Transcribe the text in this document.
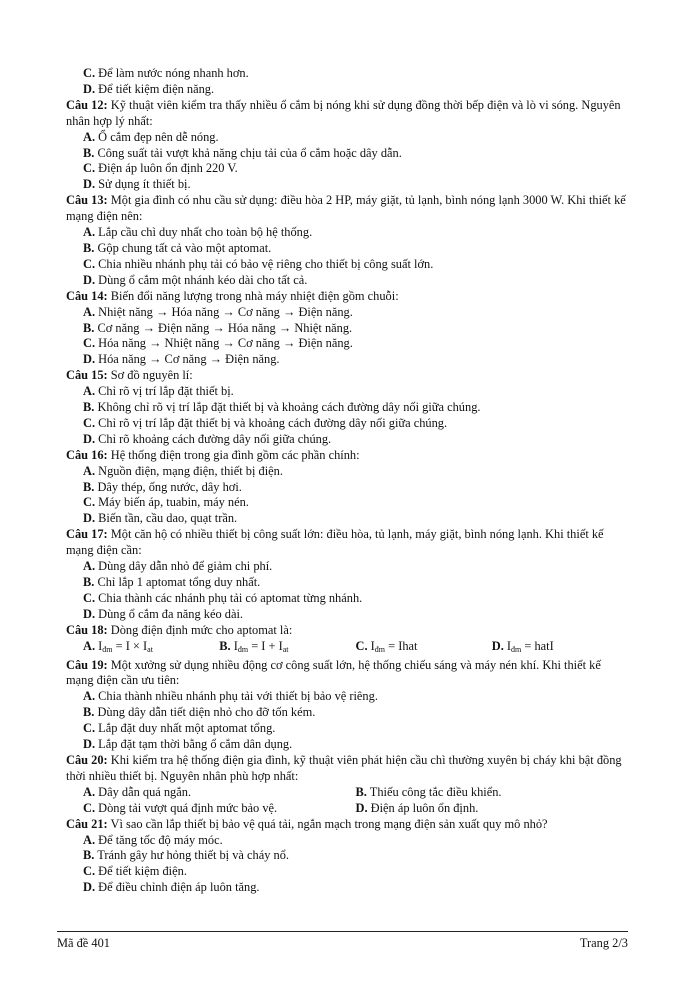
C. Để làm nước nóng nhanh hơn.
D. Để tiết kiệm điện năng.
Câu 12: Kỹ thuật viên kiểm tra thấy nhiều ổ cắm bị nóng khi sử dụng đồng thời bếp điện và lò vi sóng. Nguyên nhân hợp lý nhất:
A. Ổ cắm đẹp nên dễ nóng.
B. Công suất tải vượt khả năng chịu tải của ổ cắm hoặc dây dẫn.
C. Điện áp luôn ổn định 220 V.
D. Sử dụng ít thiết bị.
Câu 13: Một gia đình có nhu cầu sử dụng: điều hòa 2 HP, máy giặt, tủ lạnh, bình nóng lạnh 3000 W. Khi thiết kế mạng điện nên:
A. Lắp cầu chì duy nhất cho toàn bộ hệ thống.
B. Gộp chung tất cả vào một aptomat.
C. Chia nhiều nhánh phụ tải có bảo vệ riêng cho thiết bị công suất lớn.
D. Dùng ổ cắm một nhánh kéo dài cho tất cả.
Câu 14: Biến đổi năng lượng trong nhà máy nhiệt điện gồm chuỗi:
A. Nhiệt năng → Hóa năng → Cơ năng → Điện năng.
B. Cơ năng → Điện năng → Hóa năng → Nhiệt năng.
C. Hóa năng → Nhiệt năng → Cơ năng → Điện năng.
D. Hóa năng → Cơ năng → Điện năng.
Câu 15: Sơ đồ nguyên lí:
A. Chỉ rõ vị trí lắp đặt thiết bị.
B. Không chỉ rõ vị trí lắp đặt thiết bị và khoảng cách đường dây nối giữa chúng.
C. Chỉ rõ vị trí lắp đặt thiết bị và khoảng cách đường dây nối giữa chúng.
D. Chỉ rõ khoảng cách đường dây nối giữa chúng.
Câu 16: Hệ thống điện trong gia đình gồm các phần chính:
A. Nguồn điện, mạng điện, thiết bị điện.
B. Dây thép, ống nước, dây hơi.
C. Máy biến áp, tuabin, máy nén.
D. Biến tần, cầu dao, quạt trần.
Câu 17: Một căn hộ có nhiều thiết bị công suất lớn: điều hòa, tủ lạnh, máy giặt, bình nóng lạnh. Khi thiết kế mạng điện cần:
A. Dùng dây dẫn nhỏ để giảm chi phí.
B. Chỉ lắp 1 aptomat tổng duy nhất.
C. Chia thành các nhánh phụ tải có aptomat từng nhánh.
D. Dùng ổ cắm đa năng kéo dài.
Câu 18: Dòng điện định mức cho aptomat là:
A. $I_{đm} = I \times I_{at}$	B. $I_{đm} = I + I_{at}$	C. $I_{đm}$ = Ihat	D. $I_{đm}$ = hatI
Câu 19: Một xưởng sử dụng nhiều động cơ công suất lớn, hệ thống chiếu sáng và máy nén khí. Khi thiết kế mạng điện cần ưu tiên:
A. Chia thành nhiều nhánh phụ tải với thiết bị bảo vệ riêng.
B. Dùng dây dẫn tiết diện nhỏ cho đỡ tốn kém.
C. Lắp đặt duy nhất một aptomat tổng.
D. Lắp đặt tạm thời bằng ổ cắm dân dụng.
Câu 20: Khi kiểm tra hệ thống điện gia đình, kỹ thuật viên phát hiện cầu chì thường xuyên bị cháy khi bật đồng thời nhiều thiết bị. Nguyên nhân phù hợp nhất:
A. Dây dẫn quá ngắn.	B. Thiếu công tắc điều khiển.
C. Dòng tải vượt quá định mức bảo vệ.	D. Điện áp luôn ổn định.
Câu 21: Vì sao cần lắp thiết bị bảo vệ quá tải, ngắn mạch trong mạng điện sản xuất quy mô nhỏ?
A. Để tăng tốc độ máy móc.
B. Tránh gây hư hỏng thiết bị và cháy nổ.
C. Để tiết kiệm điện.
D. Để điều chỉnh điện áp luôn tăng.
Mã đề 401	Trang 2/3
